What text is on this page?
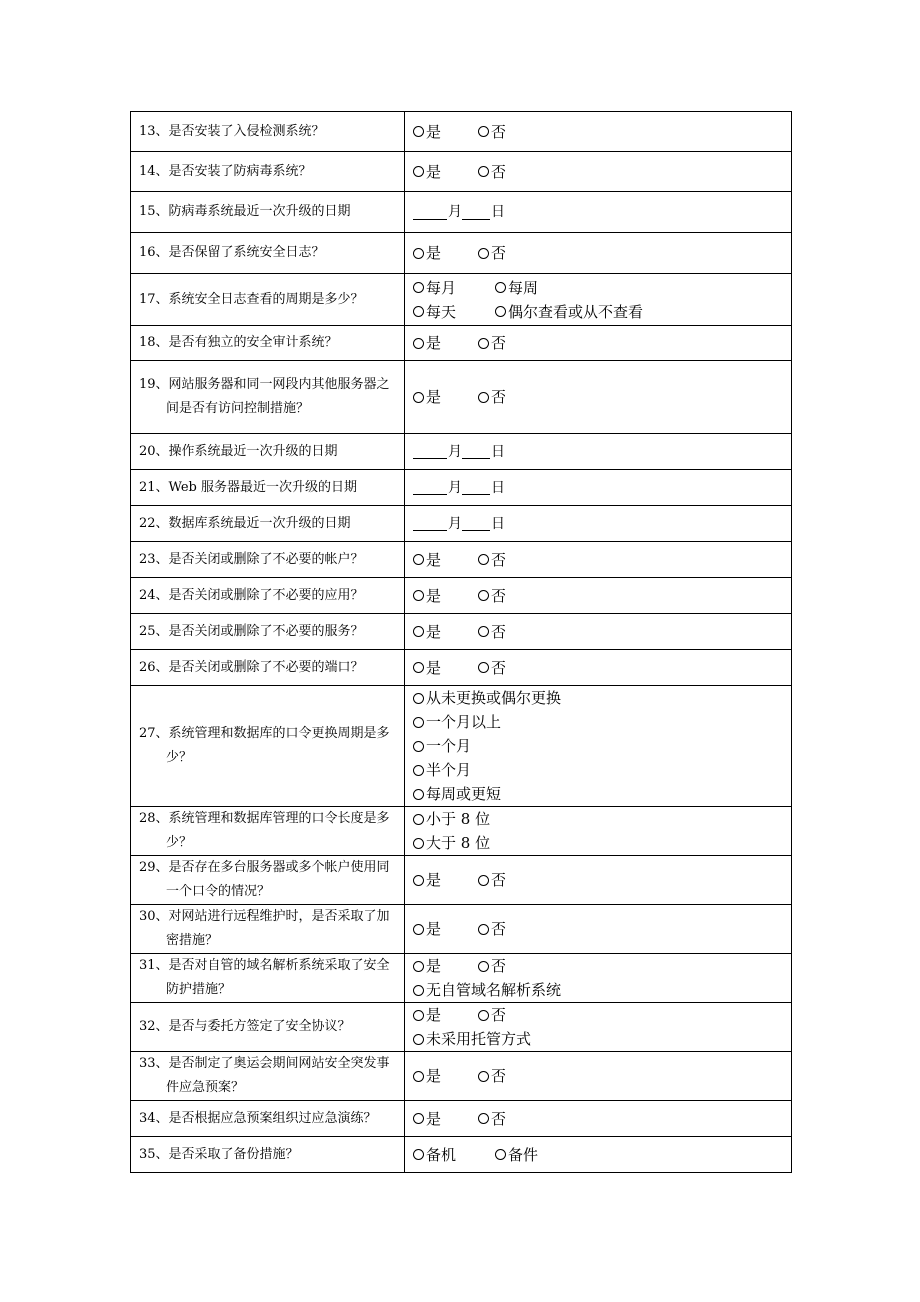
13、是否安装了入侵检测系统？	是 否

14、是否安装了防病毒系统？	是 否

15、防病毒系统最近一次升级的日期	月 日

16、是否保留了系统安全日志？	是 否

17、系统安全日志查看的周期是多少？	每月 每周
每天 偶尔查看或从不查看

18、是否有独立的安全审计系统？	是 否

19、网站服务器和同一网段内其他服务器之间是否有访问控制措施？	是 否

20、操作系统最近一次升级的日期	月 日

21、Web 服务器最近一次升级的日期	月 日

22、数据库系统最近一次升级的日期	月 日

23、是否关闭或删除了不必要的帐户？	是 否

24、是否关闭或删除了不必要的应用？	是 否

25、是否关闭或删除了不必要的服务？	是 否

26、是否关闭或删除了不必要的端口？	是 否

27、系统管理和数据库的口令更换周期是多少？	从未更换或偶尔更换
一个月以上
一个月
半个月
每周或更短

28、系统管理和数据库管理的口令长度是多少？	小于 8 位
大于 8 位

29、是否存在多台服务器或多个帐户使用同一个口令的情况？	是 否

30、对网站进行远程维护时，是否采取了加密措施？	是 否

31、是否对自管的域名解析系统采取了安全防护措施？	是 否
无自管域名解析系统

32、是否与委托方签定了安全协议？	是 否
未采用托管方式

33、是否制定了奥运会期间网站安全突发事件应急预案？	是 否

34、是否根据应急预案组织过应急演练？	是 否

35、是否采取了备份措施？	备机 备件
